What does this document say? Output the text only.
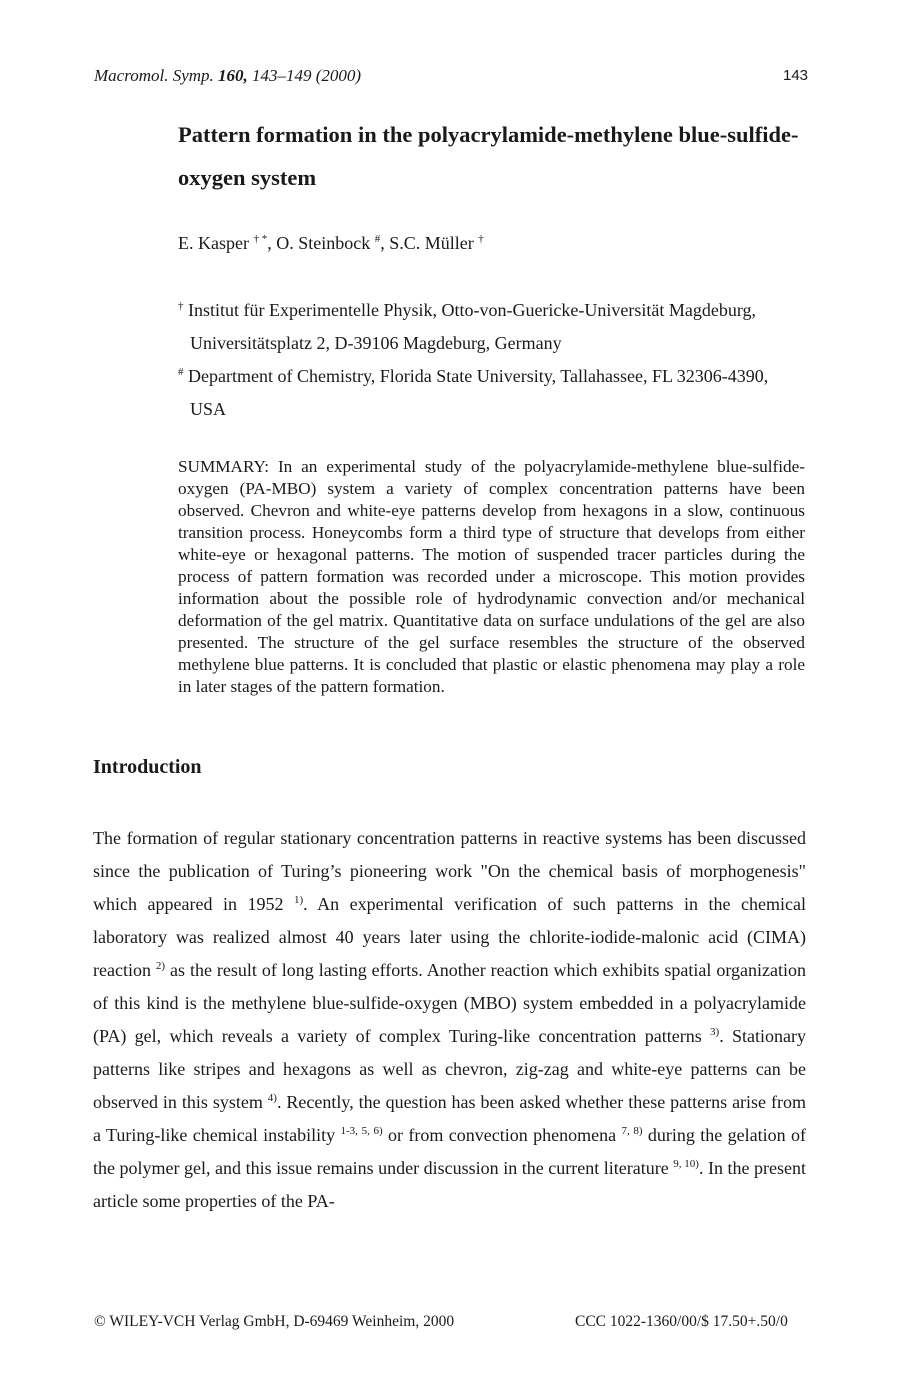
Macromol. Symp. 160, 143–149 (2000)	143
Pattern formation in the polyacrylamide-methylene blue-sulfide-oxygen system
E. Kasper † *, O. Steinbock #, S.C. Müller †
† Institut für Experimentelle Physik, Otto-von-Guericke-Universität Magdeburg,
Universitätsplatz 2, D-39106 Magdeburg, Germany
# Department of Chemistry, Florida State University, Tallahassee, FL 32306-4390,
USA

SUMMARY: In an experimental study of the polyacrylamide-methylene blue-sulfide-oxygen (PA-MBO) system a variety of complex concentration patterns have been observed. Chevron and white-eye patterns develop from hexagons in a slow, continuous transition process. Honeycombs form a third type of structure that develops from either white-eye or hexagonal patterns. The motion of suspended tracer particles during the process of pattern formation was recorded under a microscope. This motion provides information about the possible role of hydrodynamic convection and/or mechanical deformation of the gel matrix. Quantitative data on surface undulations of the gel are also presented. The structure of the gel surface resembles the structure of the observed methylene blue patterns. It is concluded that plastic or elastic phenomena may play a role in later stages of the pattern formation.

Introduction

The formation of regular stationary concentration patterns in reactive systems has been discussed since the publication of Turing’s pioneering work "On the chemical basis of morphogenesis" which appeared in 1952 $^{1)}$. An experimental verification of such patterns in the chemical laboratory was realized almost 40 years later using the chlorite-iodide-malonic acid (CIMA) reaction $^{2)}$ as the result of long lasting efforts. Another reaction which exhibits spatial organization of this kind is the methylene blue-sulfide-oxygen (MBO) system embedded in a polyacrylamide (PA) gel, which reveals a variety of complex Turing-like concentration patterns $^{3)}$. Stationary patterns like stripes and hexagons as well as chevron, zig-zag and white-eye patterns can be observed in this system $^{4)}$. Recently, the question has been asked whether these patterns arise from a Turing-like chemical instability $^{1-3, 5, 6)}$ or from convection phenomena $^{7, 8)}$ during the gelation of the polymer gel, and this issue remains under discussion in the current literature $^{9, 10)}$. In the present article some properties of the PA-

© WILEY-VCH Verlag GmbH, D-69469 Weinheim, 2000	CCC 1022-1360/00/$ 17.50+.50/0
